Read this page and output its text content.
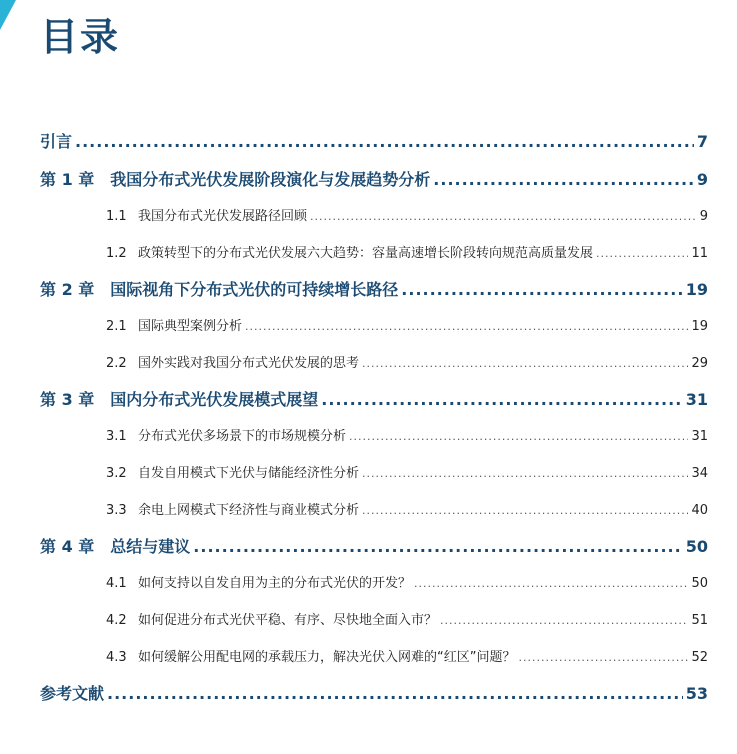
目录
引言 .....	7
第 1 章　我国分布式光伏发展阶段演化与发展趋势分析 .....	9
1.1 我国分布式光伏发展路径回顾 .....	9
1.2 政策转型下的分布式光伏发展六大趋势：容量高速增长阶段转向规范高质量发展 .....	11
第 2 章　国际视角下分布式光伏的可持续增长路径 .....	19
2.1 国际典型案例分析 .....	19
2.2 国外实践对我国分布式光伏发展的思考 .....	29
第 3 章　国内分布式光伏发展模式展望 .....	31
3.1 分布式光伏多场景下的市场规模分析 .....	31
3.2 自发自用模式下光伏与储能经济性分析 .....	34
3.3 余电上网模式下经济性与商业模式分析 .....	40
第 4 章　总结与建议 .....	50
4.1 如何支持以自发自用为主的分布式光伏的开发？ .....	50
4.2 如何促进分布式光伏平稳、有序、尽快地全面入市？ .....	51
4.3 如何缓解公用配电网的承载压力，解决光伏入网难的“红区”问题？ .....	52
参考文献 .....	53
